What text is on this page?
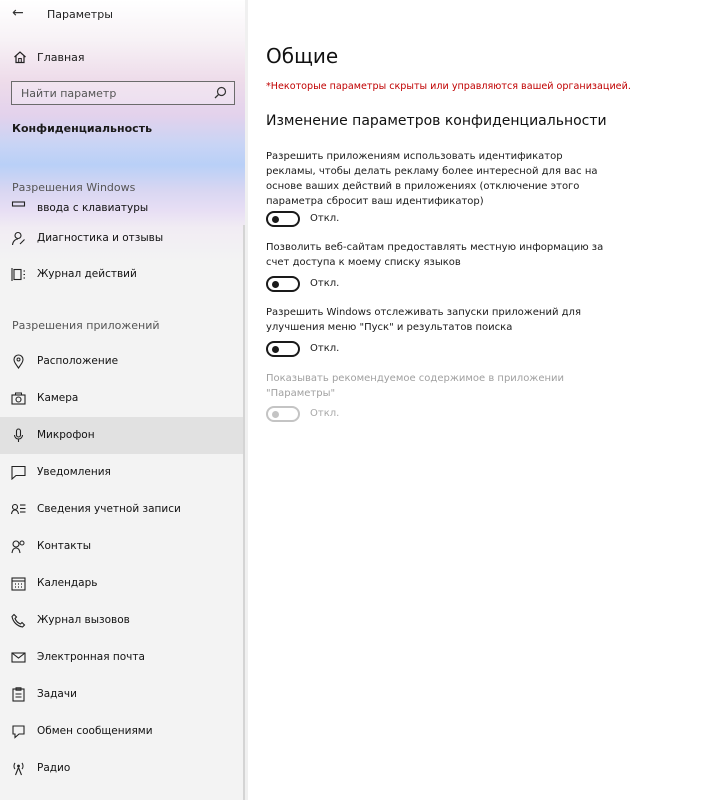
← Параметры
Главная
Найти параметр
Конфиденциальность
Разрешения Windows
ввода с клавиатуры
Диагностика и отзывы
Журнал действий
Разрешения приложений
Расположение
Камера
Микрофон
Уведомления
Сведения учетной записи
Контакты
Календарь
Журнал вызовов
Электронная почта
Задачи
Обмен сообщениями
Радио
Общие
*Некоторые параметры скрыты или управляются вашей организацией.
Изменение параметров конфиденциальности
Разрешить приложениям использовать идентификатор рекламы, чтобы делать рекламу более интересной для вас на основе ваших действий в приложениях (отключение этого параметра сбросит ваш идентификатор)
Откл.
Позволить веб-сайтам предоставлять местную информацию за счет доступа к моему списку языков
Откл.
Разрешить Windows отслеживать запуски приложений для улучшения меню "Пуск" и результатов поиска
Откл.
Показывать рекомендуемое содержимое в приложении "Параметры"
Откл.
